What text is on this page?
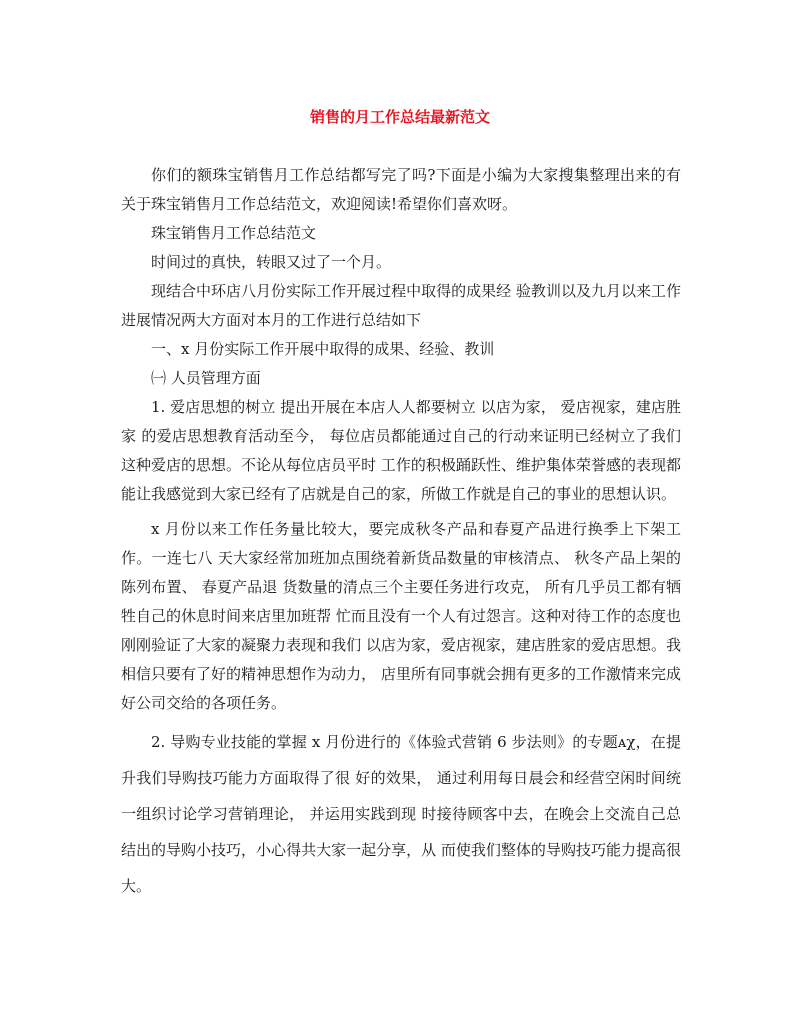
销售的月工作总结最新范文

你们的额珠宝销售月工作总结都写完了吗?下面是小编为大家搜集整理出来的有关于珠宝销售月工作总结范文，欢迎阅读!希望你们喜欢呀。

珠宝销售月工作总结范文

时间过的真快，转眼又过了一个月。

现结合中环店八月份实际工作开展过程中取得的成果经 验教训以及九月以来工作进展情况两大方面对本月的工作进行总结如下

一、x 月份实际工作开展中取得的成果、经验、教训

㈠ 人员管理方面

1. 爱店思想的树立 提出开展在本店人人都要树立 以店为家， 爱店视家，建店胜家 的爱店思想教育活动至今， 每位店员都能通过自己的行动来证明已经树立了我们这种爱店的思想。不论从每位店员平时 工作的积极踊跃性、维护集体荣誉感的表现都能让我感觉到大家已经有了店就是自己的家，所做工作就是自己的事业的思想认识。

x 月份以来工作任务量比较大，要完成秋冬产品和春夏产品进行换季上下架工作。一连七八 天大家经常加班加点围绕着新货品数量的审核清点、 秋冬产品上架的陈列布置、 春夏产品退 货数量的清点三个主要任务进行攻克， 所有几乎员工都有牺牲自己的休息时间来店里加班帮 忙而且没有一个人有过怨言。这种对待工作的态度也刚刚验证了大家的凝聚力表现和我们 以店为家，爱店视家，建店胜家的爱店思想。我相信只要有了好的精神思想作为动力， 店里所有同事就会拥有更多的工作激情来完成好公司交给的各项任务。

2. 导购专业技能的掌握 x 月份进行的《体验式营销 6 步法则》的专题ᴀχ，在提升我们导购技巧能力方面取得了很 好的效果， 通过利用每日晨会和经营空闲时间统一组织讨论学习营销理论， 并运用实践到现 时接待顾客中去，在晚会上交流自己总结出的导购小技巧，小心得共大家一起分享，从 而使我们整体的导购技巧能力提高很大。
